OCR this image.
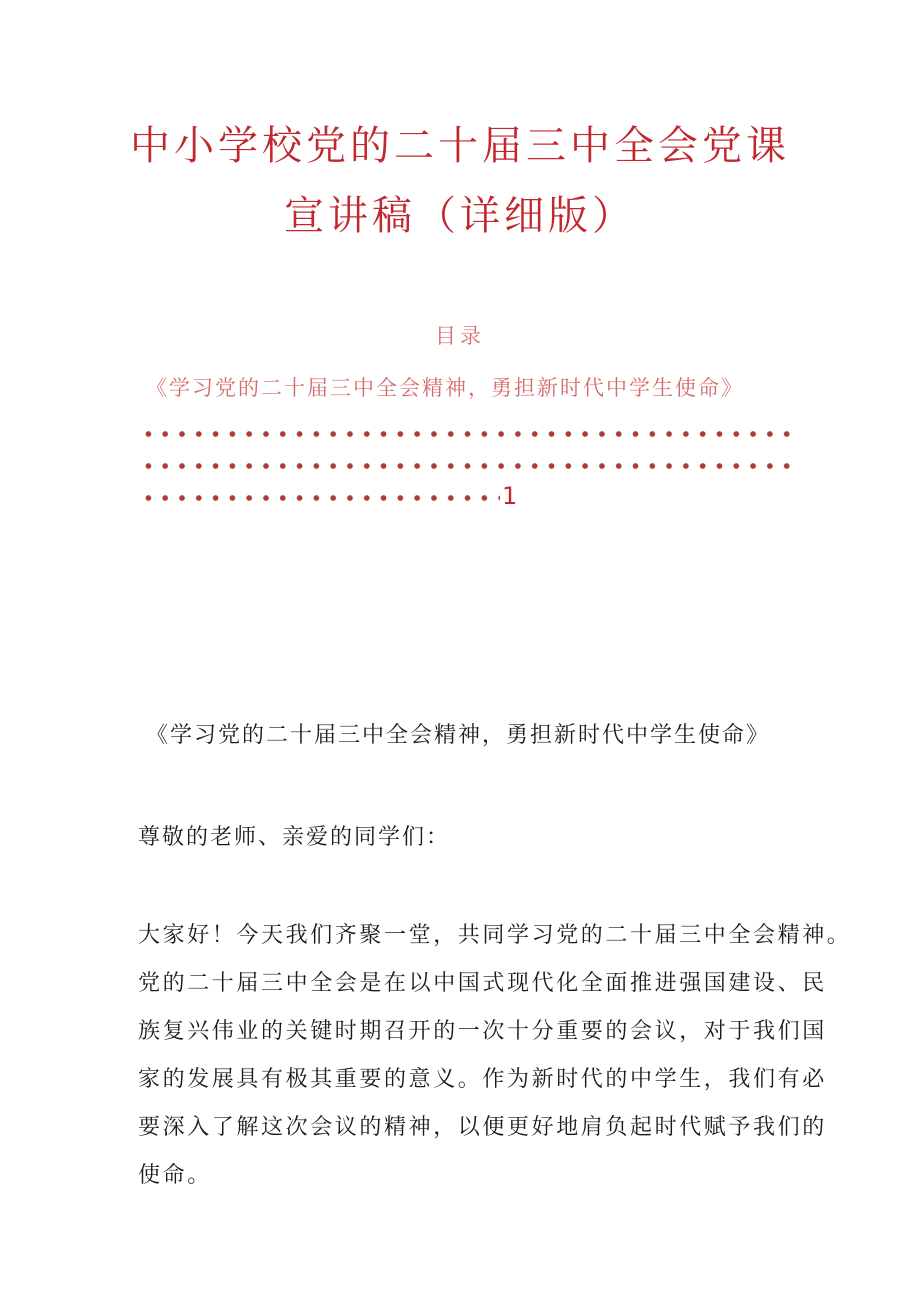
中小学校党的二十届三中全会党课
宣讲稿（详细版）
目录
《学习党的二十届三中全会精神，勇担新时代中学生使命》
1
《学习党的二十届三中全会精神，勇担新时代中学生使命》
尊敬的老师、亲爱的同学们：
大家好！今天我们齐聚一堂，共同学习党的二十届三中全会精神。
党的二十届三中全会是在以中国式现代化全面推进强国建设、民
族复兴伟业的关键时期召开的一次十分重要的会议，对于我们国
家的发展具有极其重要的意义。作为新时代的中学生，我们有必
要深入了解这次会议的精神，以便更好地肩负起时代赋予我们的
使命。
